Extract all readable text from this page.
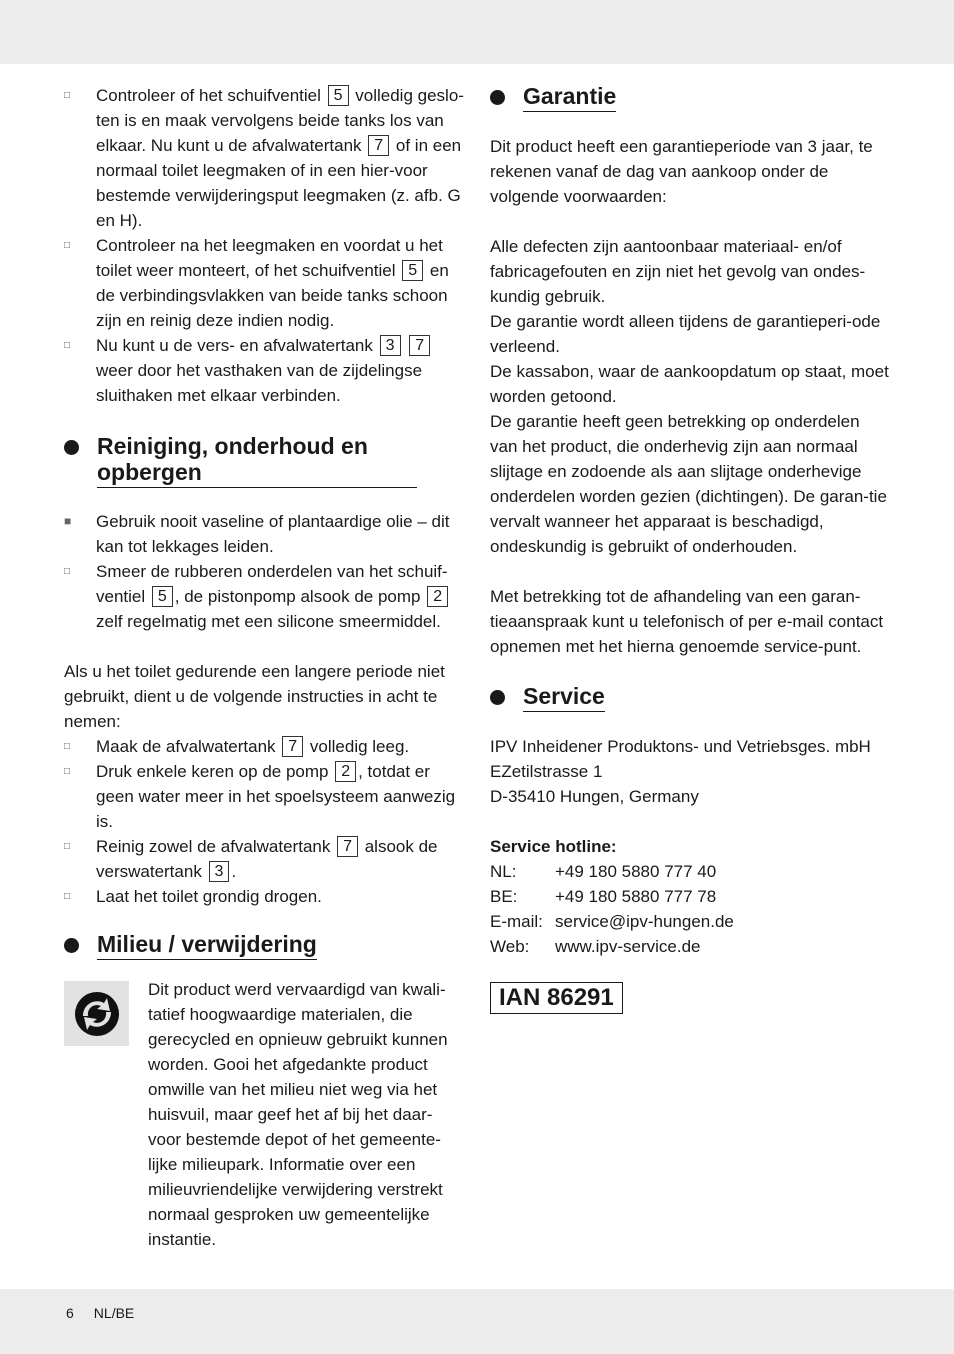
□ Controleer of het schuifventiel 5 volledig geslo-ten is en maak vervolgens beide tanks los van elkaar. Nu kunt u de afvalwatertank 7 of in een normaal toilet leegmaken of in een hier-voor bestemde verwijderingsput leegmaken (z. afb. G en H).
□ Controleer na het leegmaken en voordat u het toilet weer monteert, of het schuifventiel 5 en de verbindingsvlakken van beide tanks schoon zijn en reinig deze indien nodig.
□ Nu kunt u de vers- en afvalwatertank 3 7 weer door het vasthaken van de zijdelingse sluithaken met elkaar verbinden.
Reiniging, onderhoud en opbergen
■ Gebruik nooit vaseline of plantaardige olie – dit kan tot lekkages leiden.
□ Smeer de rubberen onderdelen van het schuif-ventiel 5 , de pistonpomp alsook de pomp 2 zelf regelmatig met een silicone smeermiddel.

Als u het toilet gedurende een langere periode niet gebruikt, dient u de volgende instructies in acht te nemen:

□ Maak de afvalwatertank 7 volledig leeg.
□ Druk enkele keren op de pomp 2 , totdat er geen water meer in het spoelsysteem aanwezig is.
□ Reinig zowel de afvalwatertank 7 alsook de verswatertank 3 .
□ Laat het toilet grondig drogen.
Milieu / verwijdering

Dit product werd vervaardigd van kwali-tatief hoogwaardige materialen, die gerecycled en opnieuw gebruikt kunnen worden. Gooi het afgedankte product omwille van het milieu niet weg via het huisvuil, maar geef het af bij het daar-voor bestemde depot of het gemeente-lijke milieupark. Informatie over een milieuvriendelijke verwijdering verstrekt normaal gesproken uw gemeentelijke instantie.

Garantie

Dit product heeft een garantieperiode van 3 jaar, te rekenen vanaf de dag van aankoop onder de volgende voorwaarden:

Alle defecten zijn aantoonbaar materiaal- en/of fabricagefouten en zijn niet het gevolg van ondes-kundig gebruik.

De garantie wordt alleen tijdens de garantieperi-ode verleend.

De kassabon, waar de aankoopdatum op staat, moet worden getoond.

De garantie heeft geen betrekking op onderdelen van het product, die onderhevig zijn aan normaal slijtage en zodoende als aan slijtage onderhevige onderdelen worden gezien (dichtingen). De garan-tie vervalt wanneer het apparaat is beschadigd, ondeskundig is gebruikt of onderhouden.

Met betrekking tot de afhandeling van een garan-tieaanspraak kunt u telefonisch of per e-mail contact opnemen met het hierna genoemde service-punt.

Service

IPV Inheidener Produktons- und Vetriebsges. mbH

EZetilstrasse 1

D-35410 Hungen, Germany

Service hotline:

NL:	+49 180 5880 777 40
BE:	+49 180 5880 777 78
E-mail: service@ipv-hungen.de
Web:	www.ipv-service.de
IAN 86291
6 NL/BE
